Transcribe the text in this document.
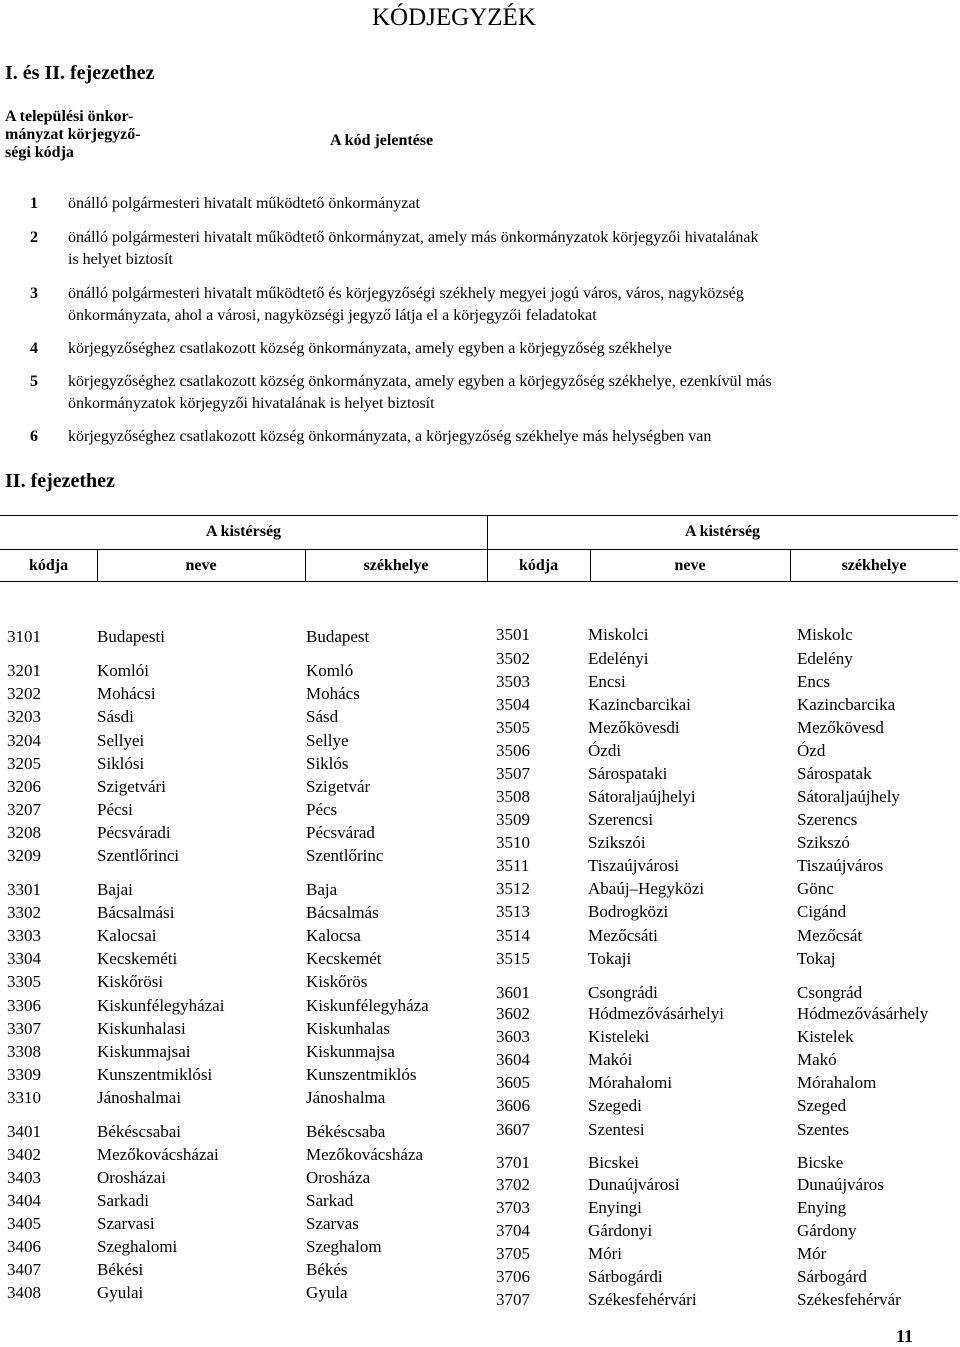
KÓDJEGYZÉK
I. és II. fejezethez
A települési önkor-
mányzat körjegyző-
ségi kódja
A kód jelentése
1 önálló polgármesteri hivatalt működtető önkormányzat
2 önálló polgármesteri hivatalt működtető önkormányzat, amely más önkormányzatok körjegyzői hivatalának
is helyet biztosít
3 önálló polgármesteri hivatalt működtető és körjegyzőségi székhely megyei jogú város, város, nagyközség
önkormányzata, ahol a városi, nagyközségi jegyző látja el a körjegyzői feladatokat
4 körjegyzőséghez csatlakozott község önkormányzata, amely egyben a körjegyzőség székhelye
5 körjegyzőséghez csatlakozott község önkormányzata, amely egyben a körjegyzőség székhelye, ezenkívül más
önkormányzatok körjegyzői hivatalának is helyet biztosít
6 körjegyzőséghez csatlakozott község önkormányzata, a körjegyzőség székhelye más helységben van
II. fejezethez
A kistérség	A kistérség
kódja	neve	székhelye	kódja	neve	székhelye
3101	Budapesti	Budapest
3201	Komlói	Komló
3202	Mohácsi	Mohács
3203	Sásdi	Sásd
3204	Sellyei	Sellye
3205	Siklósi	Siklós
3206	Szigetvári	Szigetvár
3207	Pécsi	Pécs
3208	Pécsváradi	Pécsvárad
3209	Szentlőrinci	Szentlőrinc
3301	Bajai	Baja
3302	Bácsalmási	Bácsalmás
3303	Kalocsai	Kalocsa
3304	Kecskeméti	Kecskemét
3305	Kiskőrösi	Kiskőrös
3306	Kiskunfélegyházai	Kiskunfélegyháza
3307	Kiskunhalasi	Kiskunhalas
3308	Kiskunmajsai	Kiskunmajsa
3309	Kunszentmiklósi	Kunszentmiklós
3310	Jánoshalmai	Jánoshalma
3401	Békéscsabai	Békéscsaba
3402	Mezőkovácsházai	Mezőkovácsháza
3403	Orosházai	Orosháza
3404	Sarkadi	Sarkad
3405	Szarvasi	Szarvas
3406	Szeghalomi	Szeghalom
3407	Békési	Békés
3408	Gyulai	Gyula
3501	Miskolci	Miskolc
3502	Edelényi	Edelény
3503	Encsi	Encs
3504	Kazincbarcikai	Kazincbarcika
3505	Mezőkövesdi	Mezőkövesd
3506	Ózdi	Ózd
3507	Sárospataki	Sárospatak
3508	Sátoraljaújhelyi	Sátoraljaújhely
3509	Szerencsi	Szerencs
3510	Szikszói	Szikszó
3511	Tiszaújvárosi	Tiszaújváros
3512	Abaúj–Hegyközi	Gönc
3513	Bodrogközi	Cigánd
3514	Mezőcsáti	Mezőcsát
3515	Tokaji	Tokaj
3601	Csongrádi	Csongrád
3602	Hódmezővásárhelyi	Hódmezővásárhely
3603	Kisteleki	Kistelek
3604	Makói	Makó
3605	Mórahalomi	Mórahalom
3606	Szegedi	Szeged
3607	Szentesi	Szentes
3701	Bicskei	Bicske
3702	Dunaújvárosi	Dunaújváros
3703	Enyingi	Enying
3704	Gárdonyi	Gárdony
3705	Móri	Mór
3706	Sárbogárdi	Sárbogárd
3707	Székesfehérvári	Székesfehérvár
11
